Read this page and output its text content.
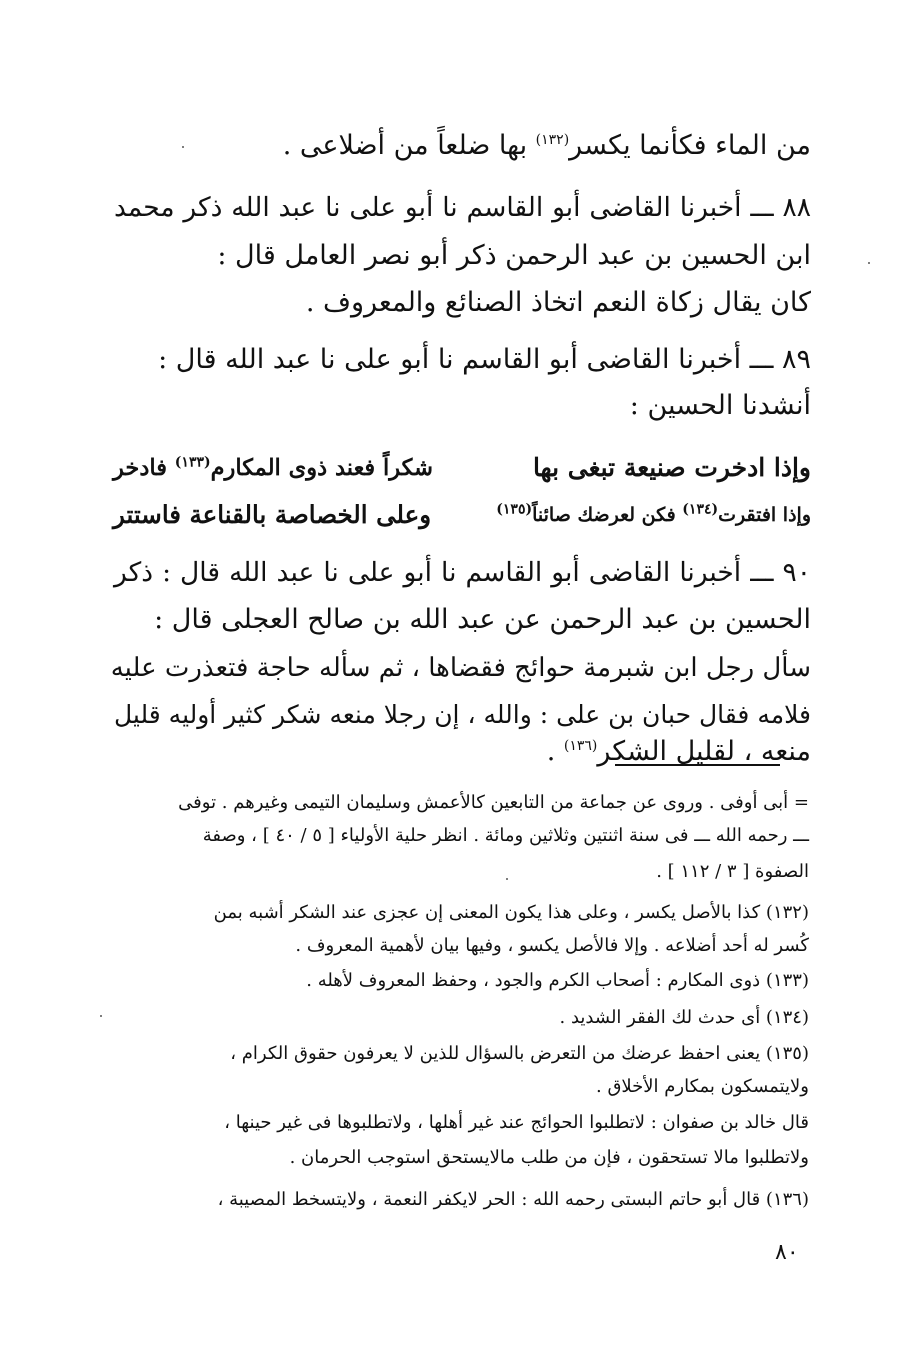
من الماء فكأنما يكسر$^{(١٣٢)}$ بها ضلعاً من أضلاعى .
٨٨ ـــ أخبرنا القاضى أبو القاسم نا أبو على نا عبد الله ذكر محمد
ابن الحسين بن عبد الرحمن ذكر أبو نصر العامل قال :
كان يقال زكاة النعم اتخاذ الصنائع والمعروف .
٨٩ ـــ أخبرنا القاضى أبو القاسم نا أبو على نا عبد الله قال :
أنشدنا الحسين :
وإذا ادخرت صنيعة تبغى بها
شكراً فعند ذوى المكارم$^{(١٣٣)}$ فادخر
وإذا افتقرت$^{(١٣٤)}$ فكن لعرضك صائناً$^{(١٣٥)}$
وعلى الخصاصة بالقناعة فاستتر
٩٠ ـــ أخبرنا القاضى أبو القاسم نا أبو على نا عبد الله قال : ذكر
الحسين بن عبد الرحمن عن عبد الله بن صالح العجلى قال :
سأل رجل ابن شبرمة حوائج فقضاها ، ثم سأله حاجة فتعذرت عليه
فلامه فقال حبان بن على : والله ، إن رجلا منعه شكر كثير أوليه قليل
منعه ، لقليل الشكر$^{(١٣٦)}$ .
= أبى أوفى . وروى عن جماعة من التابعين كالأعمش وسليمان التيمى وغيرهم . توفى
ـــ رحمه الله ـــ فى سنة اثنتين وثلاثين ومائة . انظر حلية الأولياء [ ٥ / ٤٠ ] ، وصفة
الصفوة [ ٣ / ١١٢ ] .
(١٣٢) كذا بالأصل يكسر ، وعلى هذا يكون المعنى إن عجزى عند الشكر أشبه بمن
كُسر له أحد أضلاعه . وإلا فالأصل يكسو ، وفيها بيان لأهمية المعروف .
(١٣٣) ذوى المكارم : أصحاب الكرم والجود ، وحفظ المعروف لأهله .
(١٣٤) أى حدث لك الفقر الشديد .
(١٣٥) يعنى احفظ عرضك من التعرض بالسؤال للذين لا يعرفون حقوق الكرام ،
ولايتمسكون بمكارم الأخلاق .
قال خالد بن صفوان : لاتطلبوا الحوائج عند غير أهلها ، ولاتطلبوها فى غير حينها ،
ولاتطلبوا مالا تستحقون ، فإن من طلب مالايستحق استوجب الحرمان .
(١٣٦) قال أبو حاتم البستى رحمه الله : الحر لايكفر النعمة ، ولايتسخط المصيبة ،
٨٠
